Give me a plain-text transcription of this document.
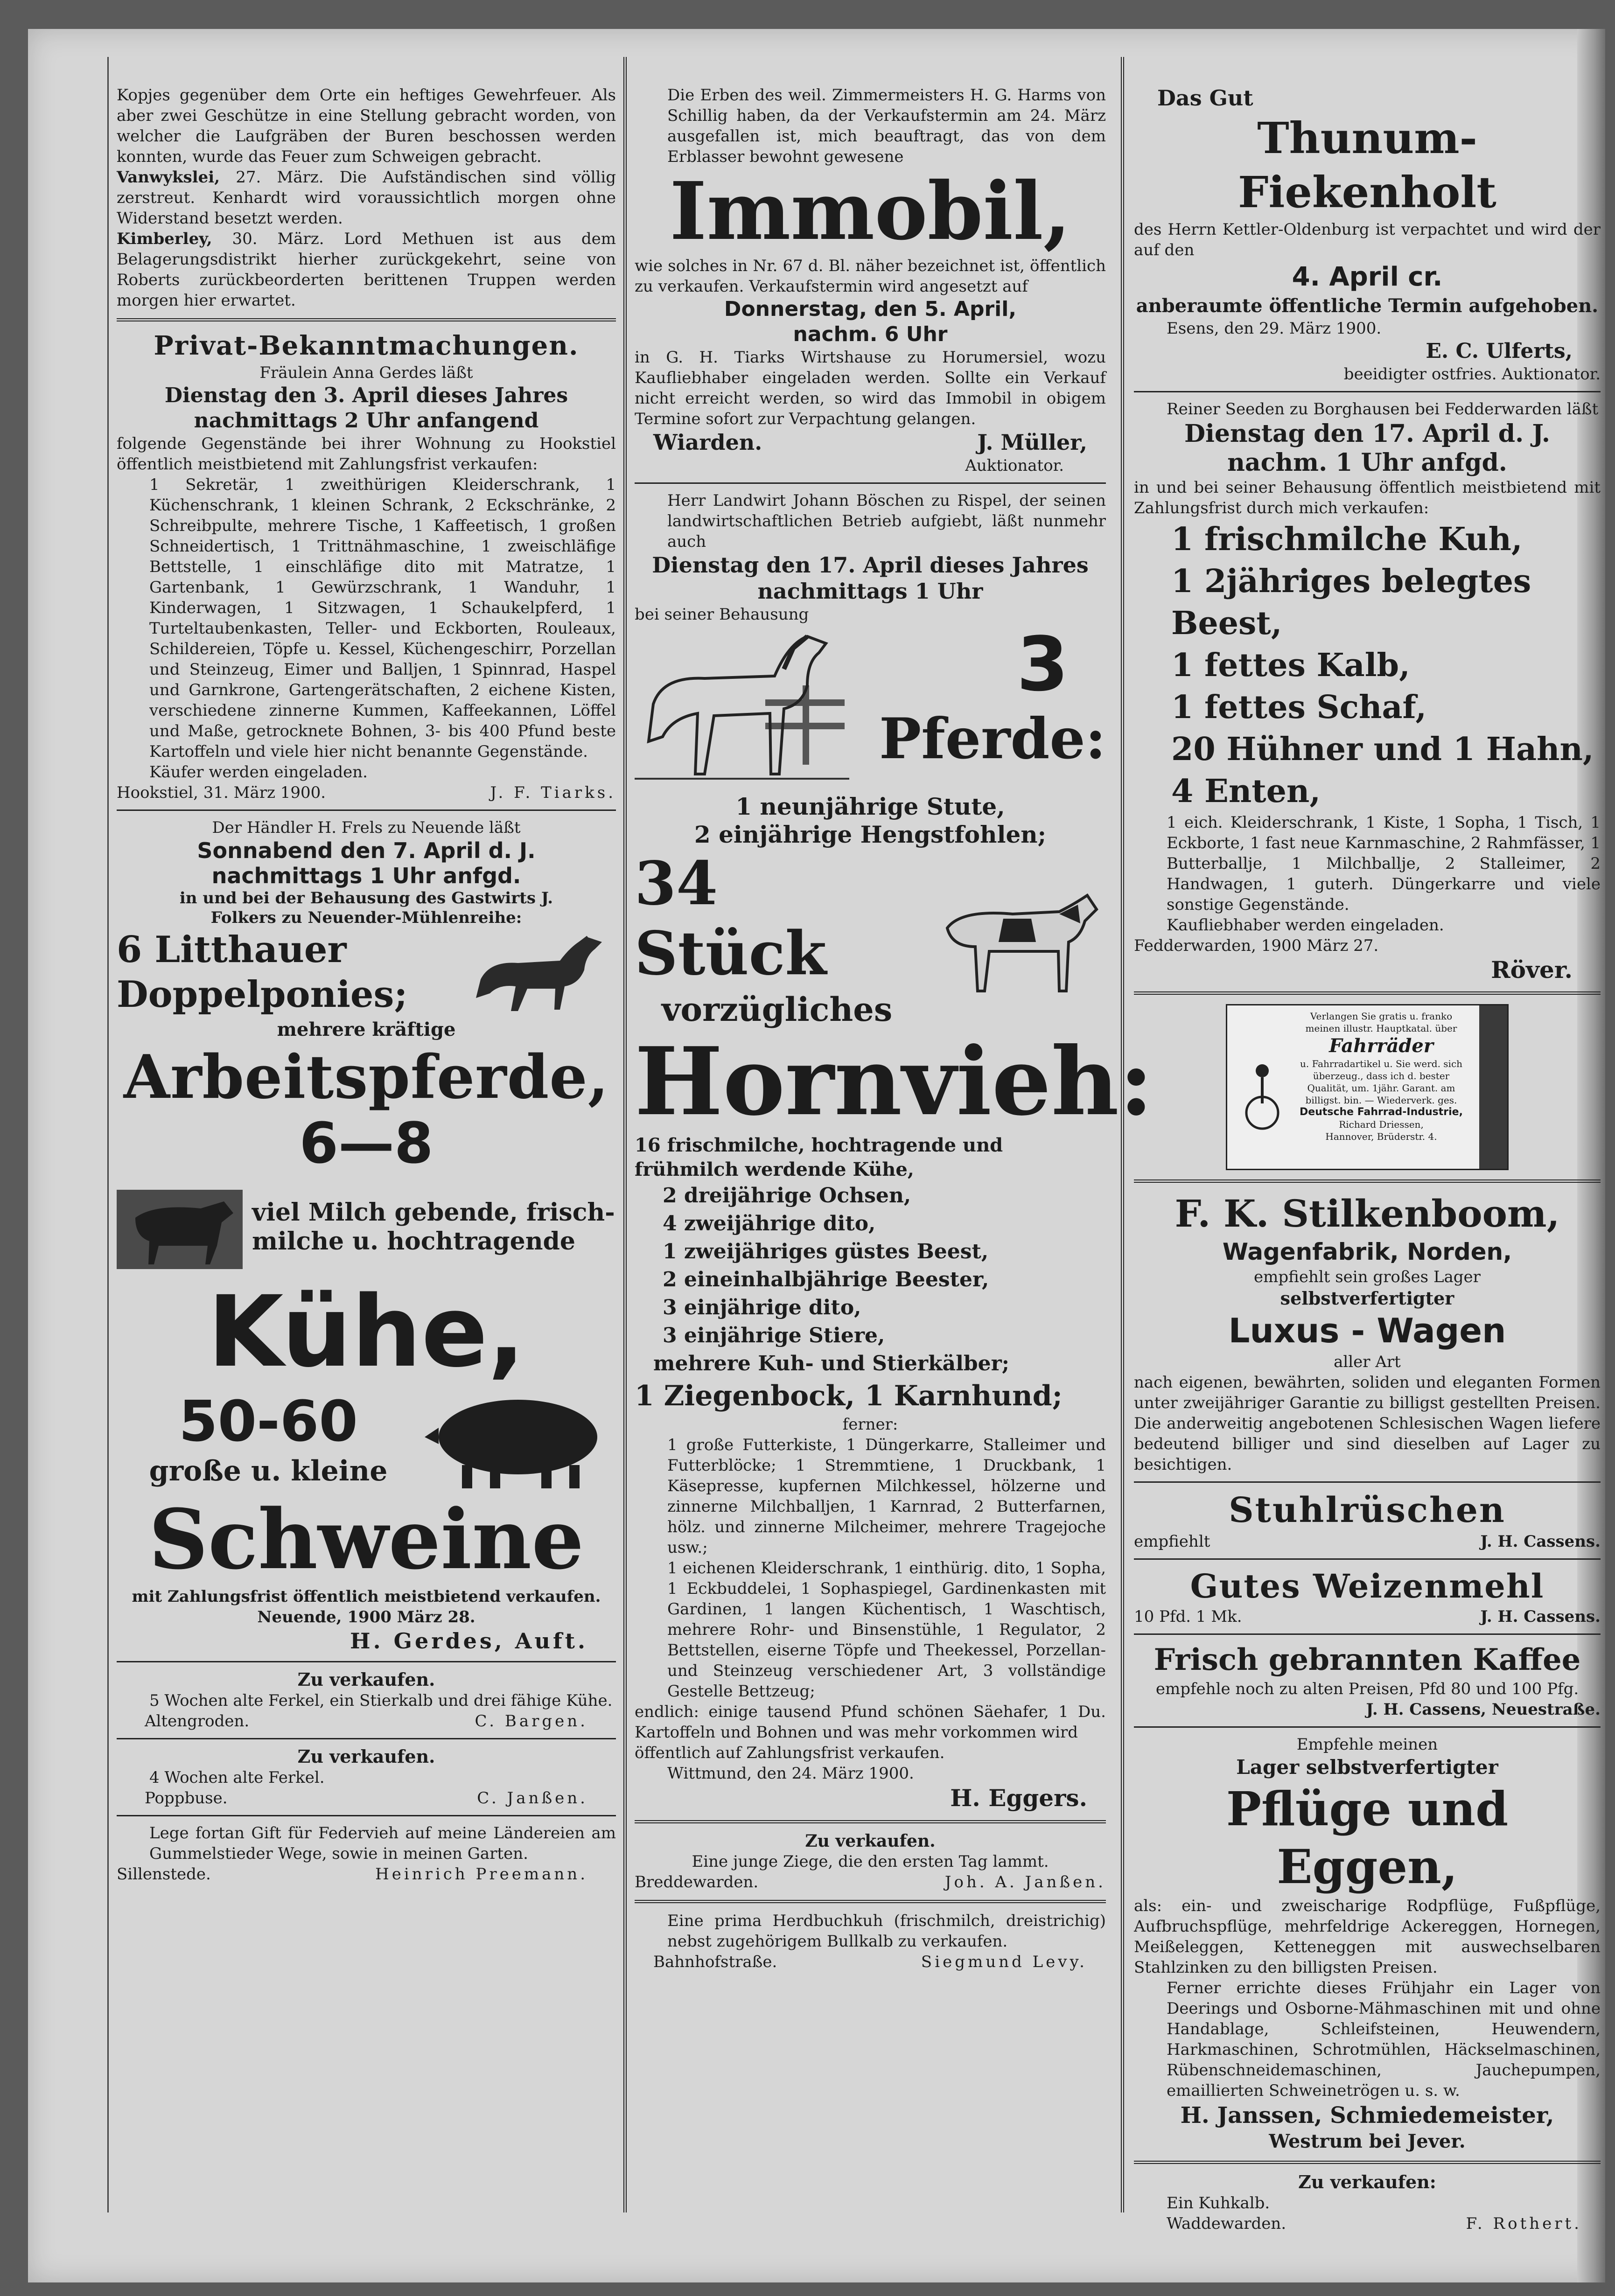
Kopjes gegenüber dem Orte ein heftiges Gewehrfeuer. Als aber zwei Geschütze in eine Stellung gebracht worden, von welcher die Laufgräben der Buren beschossen werden konnten, wurde das Feuer zum Schweigen gebracht.

Vanwykslei, 27. März. Die Aufständischen sind völlig zerstreut. Kenhardt wird voraussichtlich morgen ohne Widerstand besetzt werden.

Kimberley, 30. März. Lord Methuen ist aus dem Belagerungsdistrikt hierher zurückgekehrt, seine von Roberts zurückbeorderten berittenen Truppen werden morgen hier erwartet.

Privat-Bekanntmachungen.

Fräulein Anna Gerdes läßt

Dienstag den 3. April dieses Jahres

nachmittags 2 Uhr anfangend

folgende Gegenstände bei ihrer Wohnung zu Hookstiel öffentlich meistbietend mit Zahlungsfrist verkaufen:

1 Sekretär, 1 zweithürigen Kleiderschrank, 1 Küchenschrank, 1 kleinen Schrank, 2 Eckschränke, 2 Schreibpulte, mehrere Tische, 1 Kaffeetisch, 1 großen Schneidertisch, 1 Trittnähmaschine, 1 zweischläfige Bettstelle, 1 einschläfige dito mit Matratze, 1 Gartenbank, 1 Gewürzschrank, 1 Wanduhr, 1 Kinderwagen, 1 Sitzwagen, 1 Schaukelpferd, 1 Turteltaubenkasten, Teller- und Eckborten, Rouleaux, Schildereien, Töpfe u. Kessel, Küchengeschirr, Porzellan und Steinzeug, Eimer und Balljen, 1 Spinnrad, Haspel und Garnkrone, Gartengerätschaften, 2 eichene Kisten, verschiedene zinnerne Kummen, Kaffeekannen, Löffel und Maße, getrocknete Bohnen, 3- bis 400 Pfund beste Kartoffeln und viele hier nicht benannte Gegenstände.

Käufer werden eingeladen.

Hookstiel, 31. März 1900.	J. F. Tiarks.

Der Händler H. Frels zu Neuende läßt

Sonnabend den 7. April d. J.

nachmittags 1 Uhr anfgd.

in und bei der Behausung des Gastwirts J.

Folkers zu Neuender-Mühlenreihe:

6 Litthauer

Doppelponies;

mehrere kräftige

Arbeitspferde,

6—8

viel Milch gebende, frisch-

milche u. hochtragende

Kühe,

50-60

große u. kleine

Schweine

mit Zahlungsfrist öffentlich meistbietend verkaufen.

Neuende, 1900 März 28.

H. Gerdes, Auft.

Zu verkaufen.

5 Wochen alte Ferkel, ein Stierkalb und drei fähige Kühe.

Altengroden.	C. Bargen.

Zu verkaufen.

4 Wochen alte Ferkel.

Poppbuse.	C. Janßen.

Lege fortan Gift für Federvieh auf meine Ländereien am Gummelstieder Wege, sowie in meinen Garten.

Sillenstede.	Heinrich Preemann.

Die Erben des weil. Zimmermeisters H. G. Harms von Schillig haben, da der Verkaufstermin am 24. März ausgefallen ist, mich beauftragt, das von dem Erblasser bewohnt gewesene

Immobil,

wie solches in Nr. 67 d. Bl. näher bezeichnet ist, öffentlich zu verkaufen. Verkaufstermin wird angesetzt auf

Donnerstag, den 5. April,

nachm. 6 Uhr

in G. H. Tiarks Wirtshause zu Horumersiel, wozu Kaufliebhaber eingeladen werden. Sollte ein Verkauf nicht erreicht werden, so wird das Immobil in obigem Termine sofort zur Verpachtung gelangen.

Wiarden.	J. Müller,

Auktionator.

Herr Landwirt Johann Böschen zu Rispel, der seinen landwirtschaftlichen Betrieb aufgiebt, läßt nunmehr auch

Dienstag den 17. April dieses Jahres

nachmittags 1 Uhr

bei seiner Behausung

3

Pferde:

1 neunjährige Stute,

2 einjährige Hengstfohlen;

34 Stück

vorzügliches

Hornvieh:

16 frischmilche, hochtragende und frühmilch werdende Kühe,

2 dreijährige Ochsen,

4 zweijährige dito,

1 zweijähriges güstes Beest,

2 eineinhalbjährige Beester,

3 einjährige dito,

3 einjährige Stiere,

mehrere Kuh- und Stierkälber;

1 Ziegenbock, 1 Karnhund;

ferner:

1 große Futterkiste, 1 Düngerkarre, Stalleimer und Futterblöcke; 1 Stremmtiene, 1 Druckbank, 1 Käsepresse, kupfernen Milchkessel, hölzerne und zinnerne Milchballjen, 1 Karnrad, 2 Butterfarnen, hölz. und zinnerne Milcheimer, mehrere Tragejoche usw.;

1 eichenen Kleiderschrank, 1 einthürig. dito, 1 Sopha, 1 Eckbuddelei, 1 Sophaspiegel, Gardinenkasten mit Gardinen, 1 langen Küchentisch, 1 Waschtisch, mehrere Rohr- und Binsenstühle, 1 Regulator, 2 Bettstellen, eiserne Töpfe und Theekessel, Porzellan- und Steinzeug verschiedener Art, 3 vollständige Gestelle Bettzeug;

endlich: einige tausend Pfund schönen Säehafer, 1 Du. Kartoffeln und Bohnen und was mehr vorkommen wird

öffentlich auf Zahlungsfrist verkaufen.

Wittmund, den 24. März 1900.

H. Eggers.

Zu verkaufen.

Eine junge Ziege, die den ersten Tag lammt.

Breddewarden.	Joh. A. Janßen.

Eine prima Herdbuchkuh (frischmilch, dreistrichig) nebst zugehörigem Bullkalb zu verkaufen.

Bahnhofstraße.	Siegmund Levy.

Das Gut

Thunum-Fiekenholt

des Herrn Kettler-Oldenburg ist verpachtet und wird der auf den

4. April cr.

anberaumte öffentliche Termin aufgehoben.

Esens, den 29. März 1900.

E. C. Ulferts,

beeidigter ostfries. Auktionator.

Reiner Seeden zu Borghausen bei Fedderwarden läßt

Dienstag den 17. April d. J.

nachm. 1 Uhr anfgd.

in und bei seiner Behausung öffentlich meistbietend mit Zahlungsfrist durch mich verkaufen:

1 frischmilche Kuh,

1 2jähriges belegtes Beest,

1 fettes Kalb,

1 fettes Schaf,

20 Hühner und 1 Hahn,

4 Enten,

1 eich. Kleiderschrank, 1 Kiste, 1 Sopha, 1 Tisch, 1 Eckborte, 1 fast neue Karnmaschine, 2 Rahmfässer, 1 Butterballje, 1 Milchballje, 2 Stalleimer, 2 Handwagen, 1 guterh. Düngerkarre und viele sonstige Gegenstände.

Kaufliebhaber werden eingeladen.

Fedderwarden, 1900 März 27.

Röver.

Verlangen Sie gratis u. franko meinen illustr. Hauptkatal. über

Fahrräder

u. Fahrradartikel u. Sie werd. sich überzeug., dass ich d. bester Qualität, um. 1jähr. Garant. am billigst. bin. — Wiederverk. ges.

Deutsche Fahrrad-Industrie,

Richard Driessen,

Hannover, Brüderstr. 4.

F. K. Stilkenboom,

Wagenfabrik, Norden,

empfiehlt sein großes Lager

selbstverfertigter

Luxus - Wagen

aller Art

nach eigenen, bewährten, soliden und eleganten Formen unter zweijähriger Garantie zu billigst gestellten Preisen. Die anderweitig angebotenen Schlesischen Wagen liefere bedeutend billiger und sind dieselben auf Lager zu besichtigen.

Stuhlrüschen

empfiehlt	J. H. Cassens.

Gutes Weizenmehl

10 Pfd. 1 Mk.	J. H. Cassens.

Frisch gebrannten Kaffee

empfehle noch zu alten Preisen, Pfd 80 und 100 Pfg.

J. H. Cassens, Neuestraße.

Empfehle meinen

Lager selbstverfertigter

Pflüge und Eggen,

als: ein- und zweischarige Rodpflüge, Fußpflüge, Aufbruchspflüge, mehrfeldrige Ackereggen, Hornegen, Meißeleggen, Ketteneggen mit auswechselbaren Stahlzinken zu den billigsten Preisen.

Ferner errichte dieses Frühjahr ein Lager von Deerings und Osborne-Mähmaschinen mit und ohne Handablage, Schleifsteinen, Heuwendern, Harkmaschinen, Schrotmühlen, Häckselmaschinen, Rübenschneidemaschinen, Jauchepumpen, emaillierten Schweinetrögen u. s. w.

H. Janssen, Schmiedemeister,

Westrum bei Jever.

Zu verkaufen:

Ein Kuhkalb.

Waddewarden.	F. Rothert.
